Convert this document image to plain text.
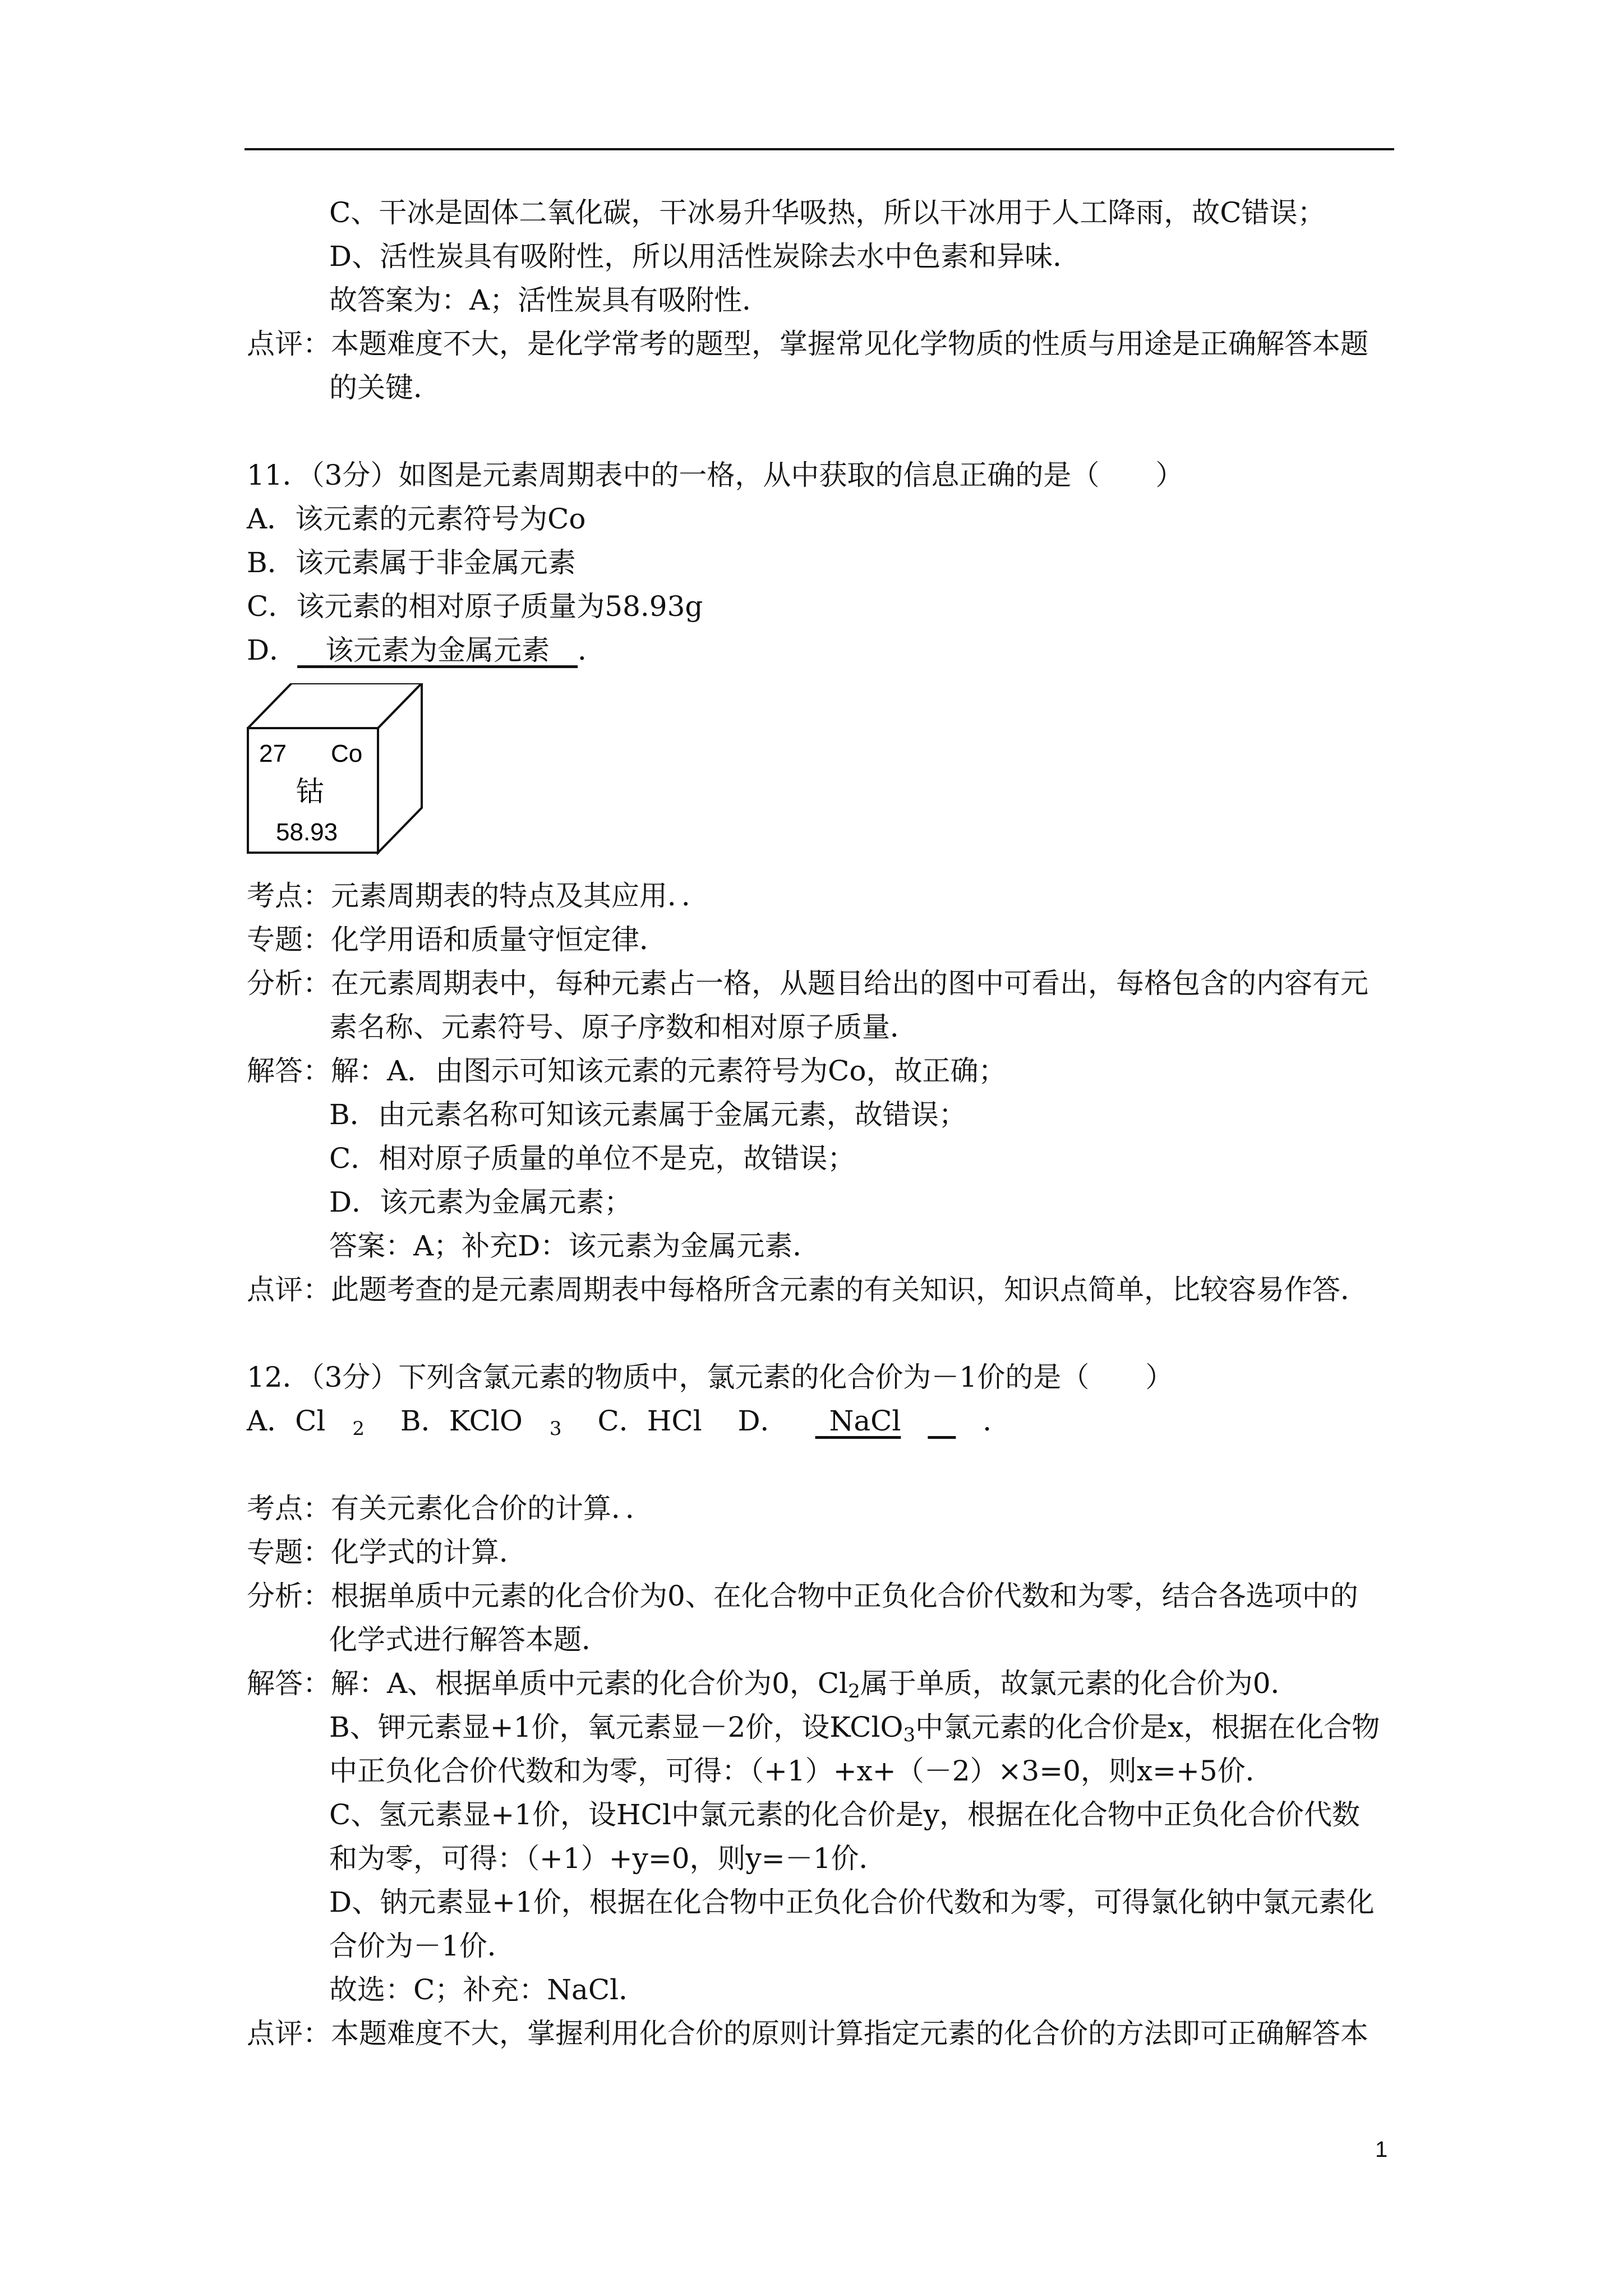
C、干冰是固体二氧化碳，干冰易升华吸热，所以干冰用于人工降雨，故C错误；
D、活性炭具有吸附性，所以用活性炭除去水中色素和异味．
故答案为：A；活性炭具有吸附性．
点评：本题难度不大，是化学常考的题型，掌握常见化学物质的性质与用途是正确解答本题
的关键．
11．（3分）如图是元素周期表中的一格，从中获取的信息正确的是（　　）
A．该元素的元素符号为Co
B．该元素属于非金属元素
C．该元素的相对原子质量为58.93g
D．  该元素为金属元素  ．
27 Co
钴
58.93
考点：元素周期表的特点及其应用．．
专题：化学用语和质量守恒定律．
分析：在元素周期表中，每种元素占一格，从题目给出的图中可看出，每格包含的内容有元
素名称、元素符号、原子序数和相对原子质量．
解答：解：A．由图示可知该元素的元素符号为Co，故正确；
B．由元素名称可知该元素属于金属元素，故错误；
C．相对原子质量的单位不是克，故错误；
D．该元素为金属元素；
答案：A；补充D：该元素为金属元素．
点评：此题考查的是元素周期表中每格所含元素的有关知识，知识点简单，比较容易作答．
12．（3分）下列含氯元素的物质中，氯元素的化合价为－1价的是（　　）
A．Cl $_2$ B．KClO $_3$ C．HCl D．  NaCl 	．
考点：有关元素化合价的计算．．
专题：化学式的计算．
分析：根据单质中元素的化合价为0、在化合物中正负化合价代数和为零，结合各选项中的
化学式进行解答本题．
解答：解：A、根据单质中元素的化合价为0，$Cl_2$属于单质，故氯元素的化合价为0．
B、钾元素显+1价，氧元素显－2价，设KClO$_3$中氯元素的化合价是x，根据在化合物
中正负化合价代数和为零，可得：（+1）+x+（－2）×3=0，则x=+5价．
C、氢元素显+1价，设HCl中氯元素的化合价是y，根据在化合物中正负化合价代数
和为零，可得：（+1）+y=0，则y=－1价．
D、钠元素显+1价，根据在化合物中正负化合价代数和为零，可得氯化钠中氯元素化
合价为－1价．
故选：C；补充：NaCl．
点评：本题难度不大，掌握利用化合价的原则计算指定元素的化合价的方法即可正确解答本
1
